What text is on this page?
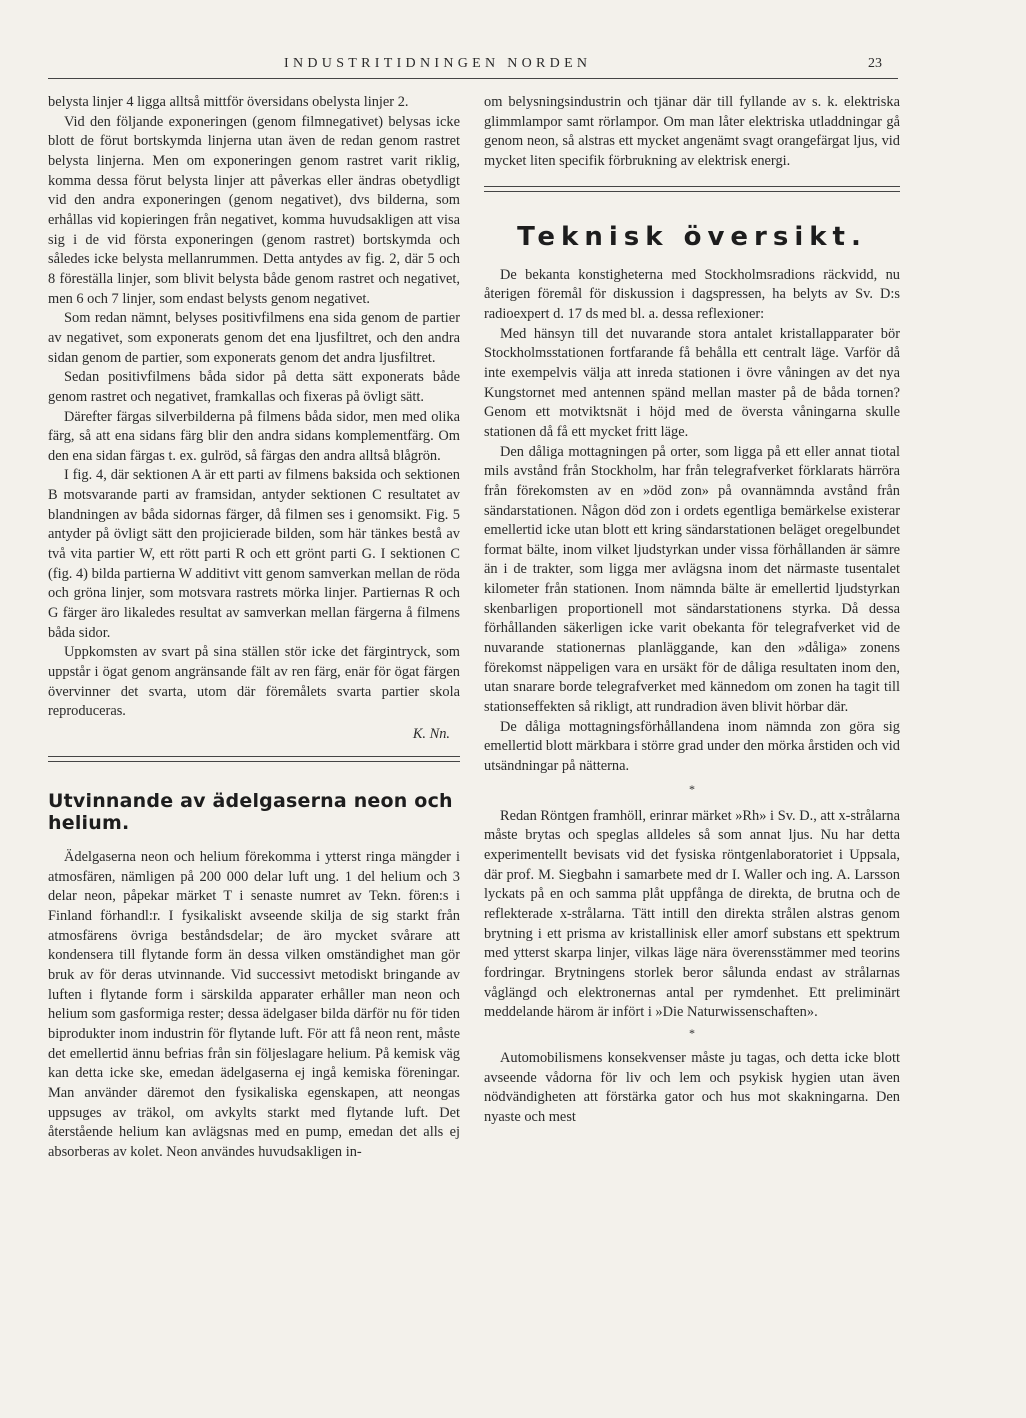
INDUSTRITIDNINGEN NORDEN	23

belysta linjer 4 ligga alltså mittför översidans obelysta linjer 2.

Vid den följande exponeringen (genom filmnegativet) belysas icke blott de förut bortskymda linjerna utan även de redan genom rastret belysta linjerna. Men om exponeringen genom rastret varit riklig, komma dessa förut belysta linjer att påverkas eller ändras obetydligt vid den andra exponeringen (genom negativet), dvs bilderna, som erhållas vid kopieringen från negativet, komma huvudsakligen att visa sig i de vid första exponeringen (genom rastret) bortskymda och således icke belysta mellanrummen. Detta antydes av fig. 2, där 5 och 8 föreställa linjer, som blivit belysta både genom rastret och negativet, men 6 och 7 linjer, som endast belysts genom negativet.

Som redan nämnt, belyses positivfilmens ena sida genom de partier av negativet, som exponerats genom det ena ljusfiltret, och den andra sidan genom de partier, som exponerats genom det andra ljusfiltret.

Sedan positivfilmens båda sidor på detta sätt exponerats både genom rastret och negativet, framkallas och fixeras på övligt sätt.

Därefter färgas silverbilderna på filmens båda sidor, men med olika färg, så att ena sidans färg blir den andra sidans komplementfärg. Om den ena sidan färgas t. ex. gulröd, så färgas den andra alltså blågrön.

I fig. 4, där sektionen A är ett parti av filmens baksida och sektionen B motsvarande parti av framsidan, antyder sektionen C resultatet av blandningen av båda sidornas färger, då filmen ses i genomsikt. Fig. 5 antyder på övligt sätt den projicierade bilden, som här tänkes bestå av två vita partier W, ett rött parti R och ett grönt parti G. I sektionen C (fig. 4) bilda partierna W additivt vitt genom samverkan mellan de röda och gröna linjer, som motsvara rastrets mörka linjer. Partiernas R och G färger äro likaledes resultat av samverkan mellan färgerna å filmens båda sidor.

Uppkomsten av svart på sina ställen stör icke det färgintryck, som uppstår i ögat genom angränsande fält av ren färg, enär för ögat färgen övervinner det svarta, utom där föremålets svarta partier skola reproduceras.

K. Nn.

Utvinnande av ädelgaserna neon och helium.

Ädelgaserna neon och helium förekomma i ytterst ringa mängder i atmosfären, nämligen på 200 000 delar luft ung. 1 del helium och 3 delar neon, påpekar märket T i senaste numret av Tekn. fören:s i Finland förhandl:r. I fysikaliskt avseende skilja de sig starkt från atmosfärens övriga beståndsdelar; de äro mycket svårare att kondensera till flytande form än dessa vilken omständighet man gör bruk av för deras utvinnande. Vid successivt metodiskt bringande av luften i flytande form i särskilda apparater erhåller man neon och helium som gasformiga rester; dessa ädelgaser bilda därför nu för tiden biprodukter inom industrin för flytande luft. För att få neon rent, måste det emellertid ännu befrias från sin följeslagare helium. På kemisk väg kan detta icke ske, emedan ädelgaserna ej ingå kemiska föreningar. Man använder däremot den fysikaliska egenskapen, att neongas uppsuges av träkol, om avkylts starkt med flytande luft. Det återstående helium kan avlägsnas med en pump, emedan det alls ej absorberas av kolet. Neon användes huvudsakligen in-

om belysningsindustrin och tjänar där till fyllande av s. k. elektriska glimmlampor samt rörlampor. Om man låter elektriska utladdningar gå genom neon, så alstras ett mycket angenämt svagt orangefärgat ljus, vid mycket liten specifik förbrukning av elektrisk energi.

Teknisk översikt.

De bekanta konstigheterna med Stockholmsradions räckvidd, nu återigen föremål för diskussion i dagspressen, ha belyts av Sv. D:s radioexpert d. 17 ds med bl. a. dessa reflexioner:

Med hänsyn till det nuvarande stora antalet kristallapparater bör Stockholmsstationen fortfarande få behålla ett centralt läge. Varför då inte exempelvis välja att inreda stationen i övre våningen av det nya Kungstornet med antennen spänd mellan master på de båda tornen? Genom ett motviktsnät i höjd med de översta våningarna skulle stationen då få ett mycket fritt läge.

Den dåliga mottagningen på orter, som ligga på ett eller annat tiotal mils avstånd från Stockholm, har från telegrafverket förklarats härröra från förekomsten av en »död zon» på ovannämnda avstånd från sändarstationen. Någon död zon i ordets egentliga bemärkelse existerar emellertid icke utan blott ett kring sändarstationen beläget oregelbundet format bälte, inom vilket ljudstyrkan under vissa förhållanden är sämre än i de trakter, som ligga mer avlägsna inom det närmaste tusentalet kilometer från stationen. Inom nämnda bälte är emellertid ljudstyrkan skenbarligen proportionell mot sändarstationens styrka. Då dessa förhållanden säkerligen icke varit obekanta för telegrafverket vid de nuvarande stationernas planläggande, kan den »dåliga» zonens förekomst näppeligen vara en ursäkt för de dåliga resultaten inom den, utan snarare borde telegrafverket med kännedom om zonen ha tagit till stationseffekten så rikligt, att rundradion även blivit hörbar där.

De dåliga mottagningsförhållandena inom nämnda zon göra sig emellertid blott märkbara i större grad under den mörka årstiden och vid utsändningar på nätterna.

*

Redan Röntgen framhöll, erinrar märket »Rh» i Sv. D., att x-strålarna måste brytas och speglas alldeles så som annat ljus. Nu har detta experimentellt bevisats vid det fysiska röntgenlaboratoriet i Uppsala, där prof. M. Siegbahn i samarbete med dr I. Waller och ing. A. Larsson lyckats på en och samma plåt uppfånga de direkta, de brutna och de reflekterade x-strålarna. Tätt intill den direkta strålen alstras genom brytning i ett prisma av kristallinisk eller amorf substans ett spektrum med ytterst skarpa linjer, vilkas läge nära överensstämmer med teorins fordringar. Brytningens storlek beror sålunda endast av strålarnas våglängd och elektronernas antal per rymdenhet. Ett preliminärt meddelande härom är infört i »Die Naturwissenschaften».

*

Automobilismens konsekvenser måste ju tagas, och detta icke blott avseende vådorna för liv och lem och psykisk hygien utan även nödvändigheten att förstärka gator och hus mot skakningarna. Den nyaste och mest
